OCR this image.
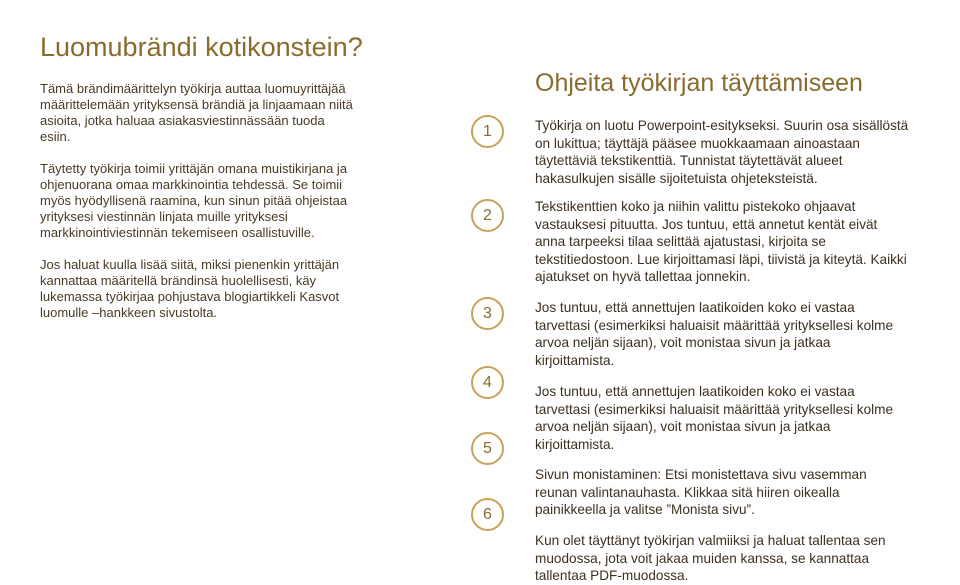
Luomubrändi kotikonstein?

Tämä brändimäärittelyn työkirja auttaa luomuyrittäjää määrittelemään yrityksensä brändiä ja linjaamaan niitä asioita, jotka haluaa asiakasviestinnässään tuoda esiin.

Täytetty työkirja toimii yrittäjän omana muistikirjana ja ohjenuorana omaa markkinointia tehdessä. Se toimii myös hyödyllisenä raamina, kun sinun pitää ohjeistaa yrityksesi viestinnän linjata muille yrityksesi markkinointiviestinnän tekemiseen osallistuville.

Jos haluat kuulla lisää siitä, miksi pienenkin yrittäjän kannattaa määritellä brändinsä huolellisesti, käy lukemassa työkirjaa pohjustava blogiartikkeli Kasvot luomulle –hankkeen sivustolta.

Ohjeita työkirjan täyttämiseen
1	Työkirja on luotu Powerpoint-esitykseksi. Suurin osa sisällöstä on lukittua; täyttäjä pääsee muokkaamaan ainoastaan täytettäviä tekstikenttiä. Tunnistat täytettävät alueet hakasulkujen sisälle sijoitetuista ohjeteksteistä.
2
Tekstikenttien koko ja niihin valittu pistekoko ohjaavat vastauksesi pituutta. Jos tuntuu, että annetut kentät eivät anna tarpeeksi tilaa selittää ajatustasi, kirjoita se tekstitiedostoon. Lue kirjoittamasi läpi, tiivistä ja kiteytä. Kaikki ajatukset on hyvä tallettaa jonnekin.
3	Jos tuntuu, että annettujen laatikoiden koko ei vastaa tarvettasi (esimerkiksi haluaisit määrittää yrityksellesi kolme arvoa neljän sijaan), voit monistaa sivun ja jatkaa kirjoittamista.
4
Jos tuntuu, että annettujen laatikoiden koko ei vastaa tarvettasi (esimerkiksi haluaisit määrittää yrityksellesi kolme arvoa neljän sijaan), voit monistaa sivun ja jatkaa kirjoittamista.
5
Sivun monistaminen: Etsi monistettava sivu vasemman reunan valintanauhasta. Klikkaa sitä hiiren oikealla painikkeella ja valitse ”Monista sivu”.
6
Kun olet täyttänyt työkirjan valmiiksi ja haluat tallentaa sen muodossa, jota voit jakaa muiden kanssa, se kannattaa tallentaa PDF-muodossa.
